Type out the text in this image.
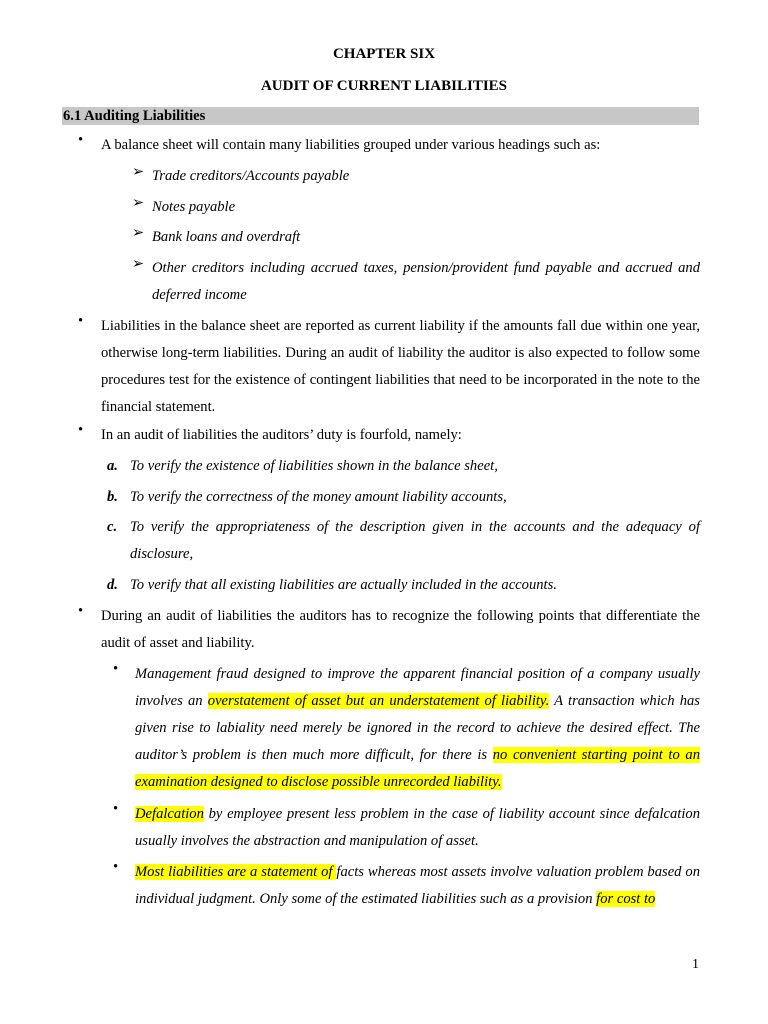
CHAPTER SIX

AUDIT OF CURRENT LIABILITIES

6.1 Auditing Liabilities
• A balance sheet will contain many liabilities grouped under various headings such as:
➢ Trade creditors/Accounts payable
➢ Notes payable
➢ Bank loans and overdraft
➢ Other creditors including accrued taxes, pension/provident fund payable and accrued and deferred income
• Liabilities in the balance sheet are reported as current liability if the amounts fall due within one year, otherwise long-term liabilities. During an audit of liability the auditor is also expected to follow some procedures test for the existence of contingent liabilities that need to be incorporated in the note to the financial statement.
• In an audit of liabilities the auditors’ duty is fourfold, namely:
a. To verify the existence of liabilities shown in the balance sheet,
b. To verify the correctness of the money amount liability accounts,
c. To verify the appropriateness of the description given in the accounts and the adequacy of disclosure,
d. To verify that all existing liabilities are actually included in the accounts.
• During an audit of liabilities the auditors has to recognize the following points that differentiate the audit of asset and liability.
• Management fraud designed to improve the apparent financial position of a company usually involves an overstatement of asset but an understatement of liability. A transaction which has given rise to labiality need merely be ignored in the record to achieve the desired effect. The auditor’s problem is then much more difficult, for there is no convenient starting point to an examination designed to disclose possible unrecorded liability.
• Defalcation by employee present less problem in the case of liability account since defalcation usually involves the abstraction and manipulation of asset.
• Most liabilities are a statement of facts whereas most assets involve valuation problem based on individual judgment. Only some of the estimated liabilities such as a provision for cost to
1
